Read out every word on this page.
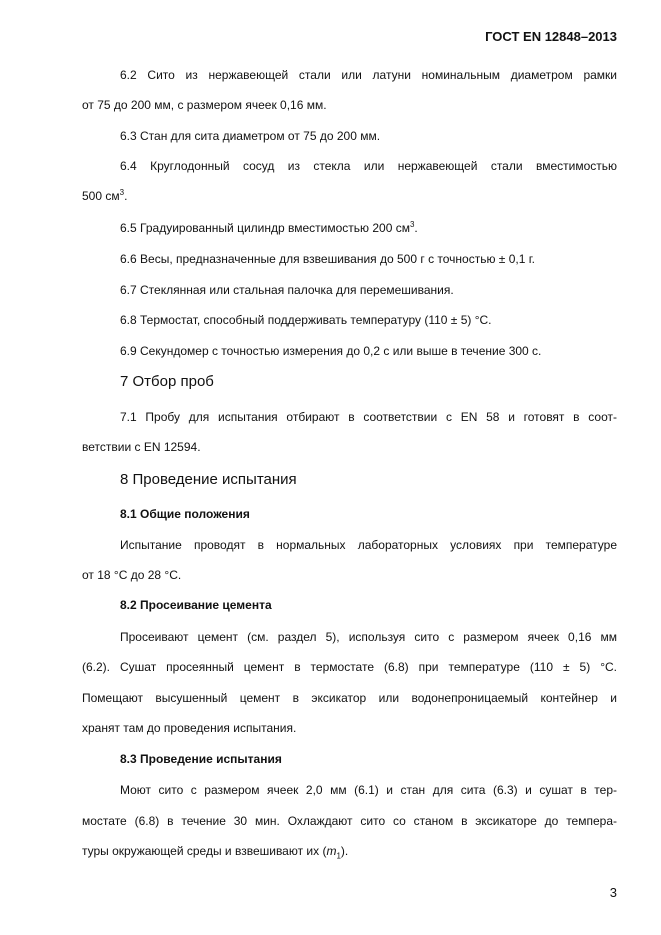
ГОСТ EN 12848–2013
6.2 Сито из нержавеющей стали или латуни номинальным диаметром рамки
от 75 до 200 мм, с размером ячеек 0,16 мм.
6.3 Стан для сита диаметром от 75 до 200 мм.
6.4 Круглодонный сосуд из стекла или нержавеющей стали вместимостью
500 $см^3$.
6.5 Градуированный цилиндр вместимостью 200 $см^3$.
6.6 Весы, предназначенные для взвешивания до 500 г с точностью ± 0,1 г.
6.7 Стеклянная или стальная палочка для перемешивания.
6.8 Термостат, способный поддерживать температуру (110 ± 5) °С.
6.9 Секундомер с точностью измерения до 0,2 с или выше в течение 300 с.
7 Отбор проб
7.1 Пробу для испытания отбирают в соответствии с EN 58 и готовят в соот-
ветствии с EN 12594.
8 Проведение испытания
8.1 Общие положения
Испытание проводят в нормальных лабораторных условиях при температуре
от 18 °С до 28 °С.
8.2 Просеивание цемента
Просеивают цемент (см. раздел 5), используя сито с размером ячеек 0,16 мм
(6.2). Сушат просеянный цемент в термостате (6.8) при температуре (110 ± 5) °С.
Помещают высушенный цемент в эксикатор или водонепроницаемый контейнер и
хранят там до проведения испытания.
8.3 Проведение испытания
Моют сито с размером ячеек 2,0 мм (6.1) и стан для сита (6.3) и сушат в тер-
мостате (6.8) в течение 30 мин. Охлаждают сито со станом в эксикаторе до темпера-
туры окружающей среды и взвешивают их $(m_1)$.
3
